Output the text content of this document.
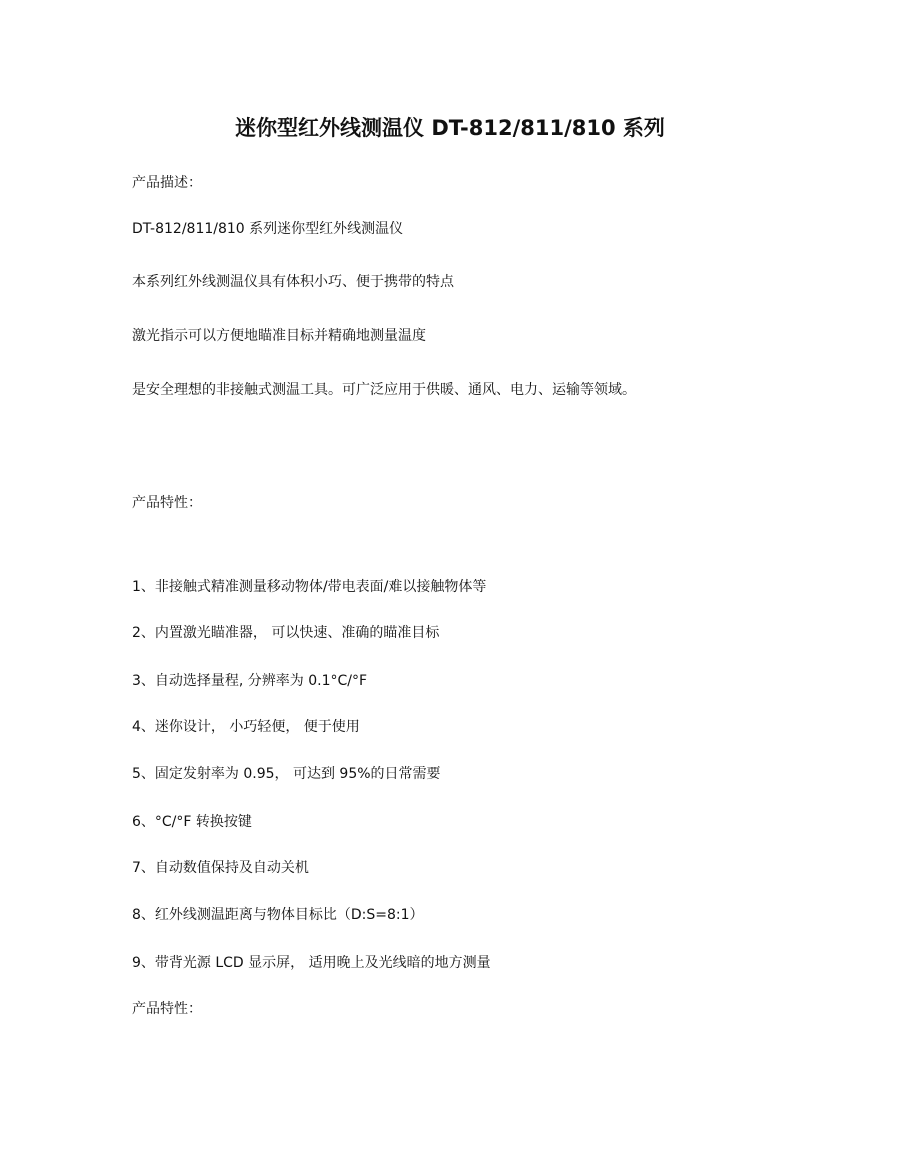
迷你型红外线测温仪 DT-812/811/810 系列

产品描述：

DT-812/811/810 系列迷你型红外线测温仪

本系列红外线测温仪具有体积小巧、便于携带的特点

激光指示可以方便地瞄准目标并精确地测量温度

是安全理想的非接触式测温工具。可广泛应用于供暖、通风、电力、运输等领域。

产品特性：

1、非接触式精准测量移动物体/带电表面/难以接触物体等

2、内置激光瞄准器， 可以快速、准确的瞄准目标

3、自动选择量程, 分辨率为 0.1°C/°F

4、迷你设计， 小巧轻便， 便于使用

5、固定发射率为 0.95， 可达到 95%的日常需要

6、°C/°F 转换按键

7、自动数值保持及自动关机

8、红外线测温距离与物体目标比（D:S=8:1）

9、带背光源 LCD 显示屏， 适用晚上及光线暗的地方测量

产品特性：
